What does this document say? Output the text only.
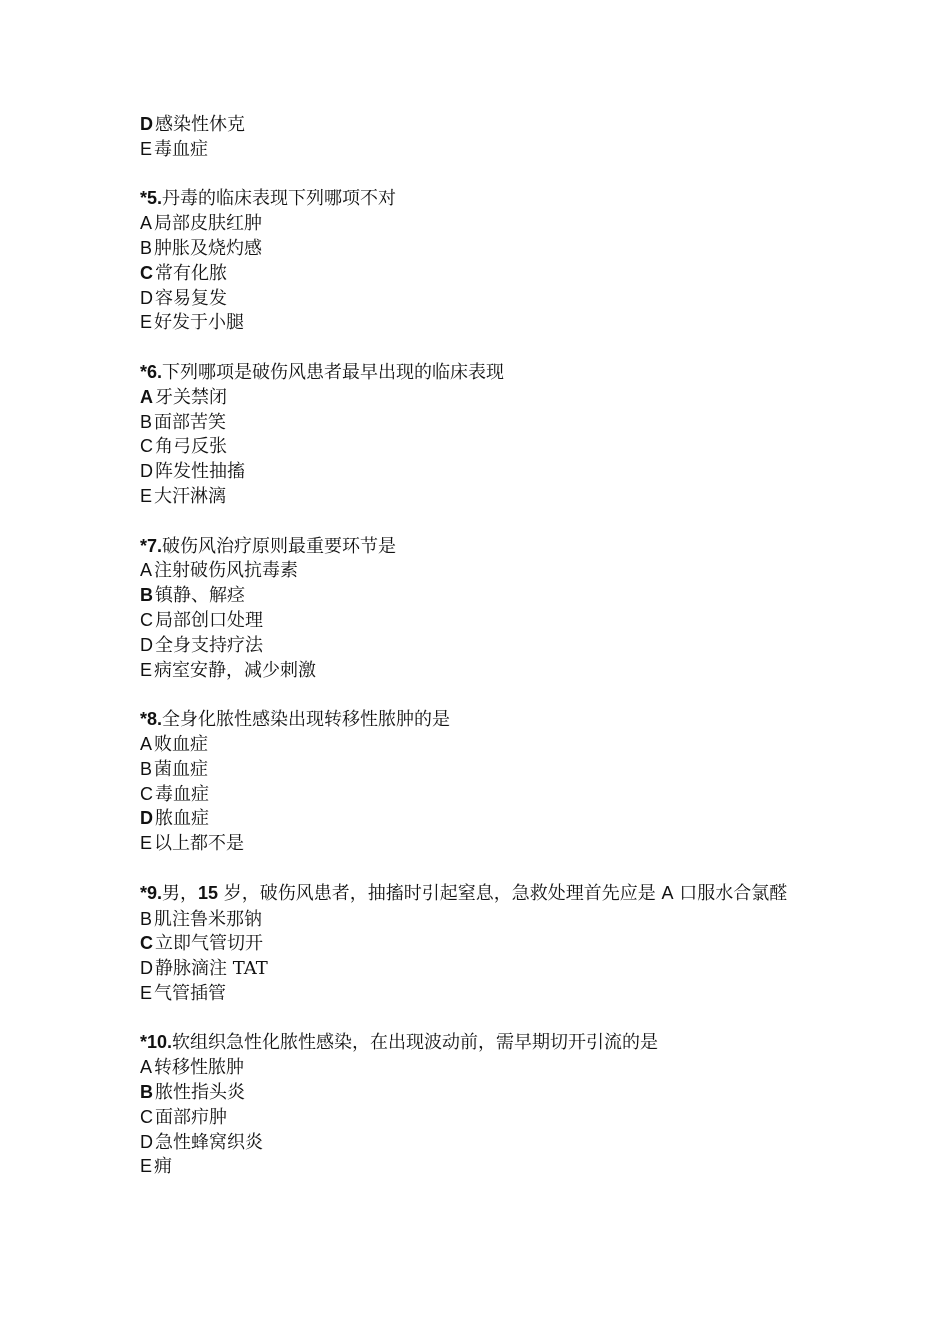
D 感染性休克
E 毒血症
*5.丹毒的临床表现下列哪项不对
A 局部皮肤红肿
B 肿胀及烧灼感
C 常有化脓
D 容易复发
E 好发于小腿
*6.下列哪项是破伤风患者最早出现的临床表现
A 牙关禁闭
B 面部苦笑
C 角弓反张
D 阵发性抽搐
E 大汗淋漓
*7.破伤风治疗原则最重要环节是
A 注射破伤风抗毒素
B 镇静、解痉
C 局部创口处理
D 全身支持疗法
E 病室安静，减少刺激
*8.全身化脓性感染出现转移性脓肿的是
A 败血症
B 菌血症
C 毒血症
D 脓血症
E 以上都不是
*9.男，15 岁，破伤风患者，抽搐时引起窒息，急救处理首先应是 A 口服水合氯醛
B 肌注鲁米那钠
C 立即气管切开
D 静脉滴注 TAT
E 气管插管
*10.软组织急性化脓性感染，在出现波动前，需早期切开引流的是
A 转移性脓肿
B 脓性指头炎
C 面部疖肿
D 急性蜂窝织炎
E 痈
